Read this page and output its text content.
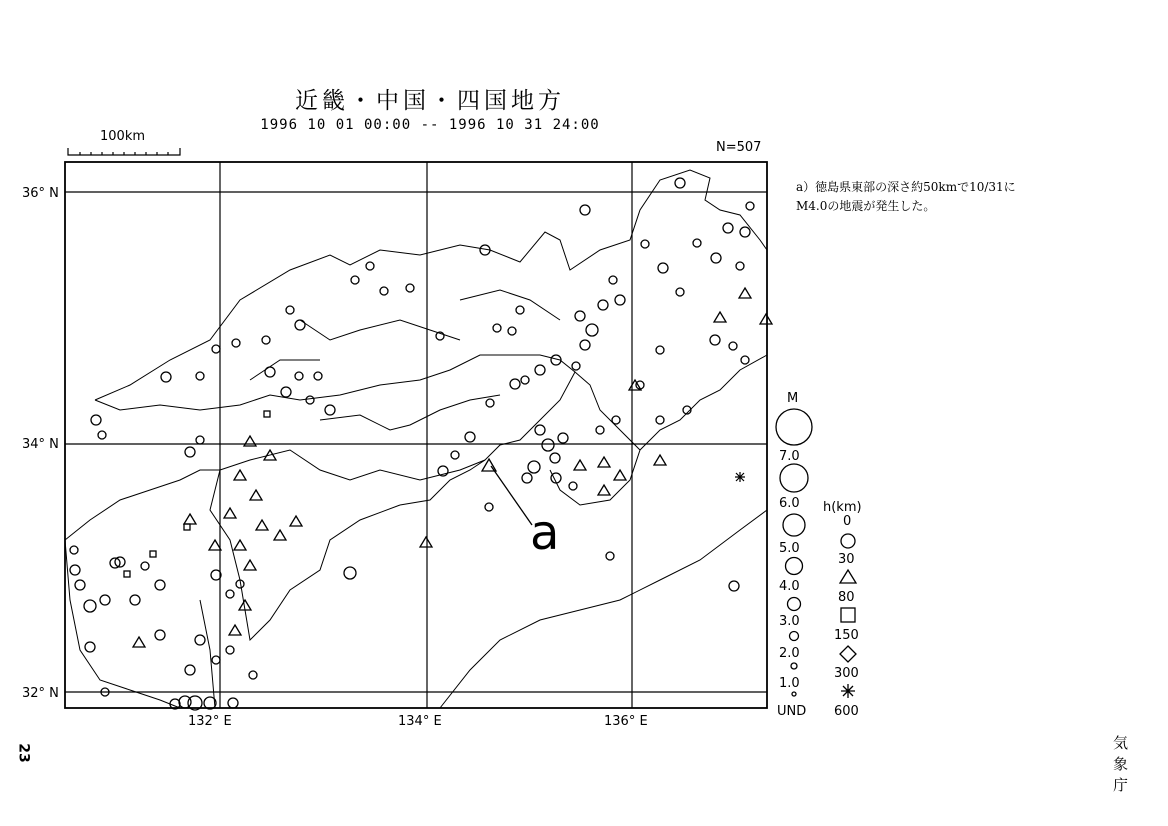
近畿・中国・四国地方
1996 10 01 00:00 -- 1996 10 31 24:00
100km
N=507
a）徳島県東部の深さ約50kmで10/31に
M4.0の地震が発生した。
a
36° N
34° N
32° N
132° E	134° E	136° E
M
7.0
6.0
5.0
4.0
3.0
2.0
1.0
UND
h(km)
0
30
80
150
300
600
23	気象庁
